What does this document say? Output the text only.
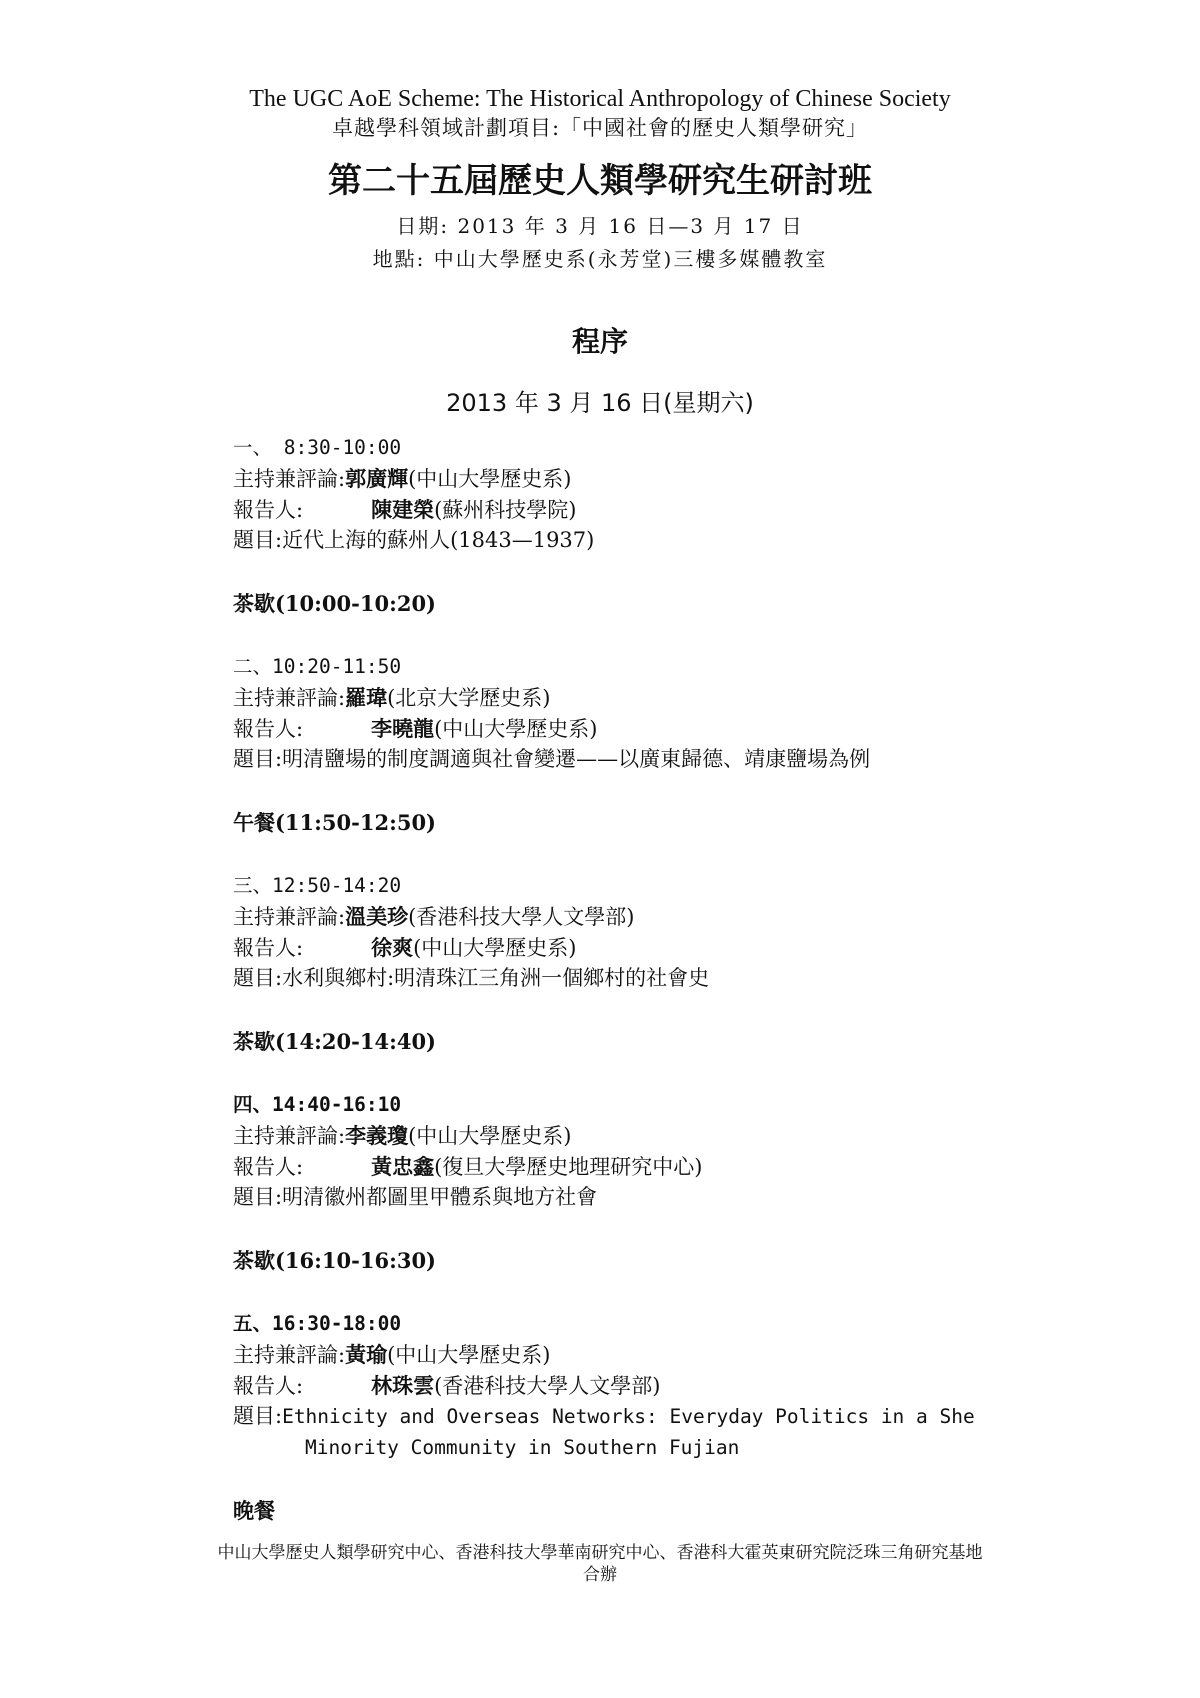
The UGC AoE Scheme: The Historical Anthropology of Chinese Society
卓越學科領域計劃項目:「中國社會的歷史人類學研究」
第二十五屆歷史人類學研究生研討班
日期: 2013 年 3 月 16 日—3 月 17 日
地點: 中山大學歷史系(永芳堂)三樓多媒體教室
程序
2013 年 3 月 16 日(星期六)
一、 8:30-10:00
主持兼評論:郭廣輝(中山大學歷史系)
報告人:	陳建榮(蘇州科技學院)
題目:近代上海的蘇州人(1843—1937)
茶歇(10:00-10:20)
二、10:20-11:50
主持兼評論:羅瑋(北京大学歷史系)
報告人:	李曉龍(中山大學歷史系)
題目:明清鹽場的制度調適與社會變遷——以廣東歸德、靖康鹽場為例
午餐(11:50-12:50)
三、12:50-14:20
主持兼評論:溫美珍(香港科技大學人文學部)
報告人:	徐爽(中山大學歷史系)
題目:水利與鄉村:明清珠江三角洲一個鄉村的社會史
茶歇(14:20-14:40)
四、14:40-16:10
主持兼評論:李義瓊(中山大學歷史系)
報告人:	黃忠鑫(復旦大學歷史地理研究中心)
題目:明清徽州都圖里甲體系與地方社會
茶歇(16:10-16:30)
五、16:30-18:00
主持兼評論:黃瑜(中山大學歷史系)
報告人:	林珠雲(香港科技大學人文學部)
題目:Ethnicity and Overseas Networks: Everyday Politics in a She
Minority Community in Southern Fujian
晚餐
中山大學歷史人類學研究中心、香港科技大學華南研究中心、香港科大霍英東研究院泛珠三角研究基地
合辦
